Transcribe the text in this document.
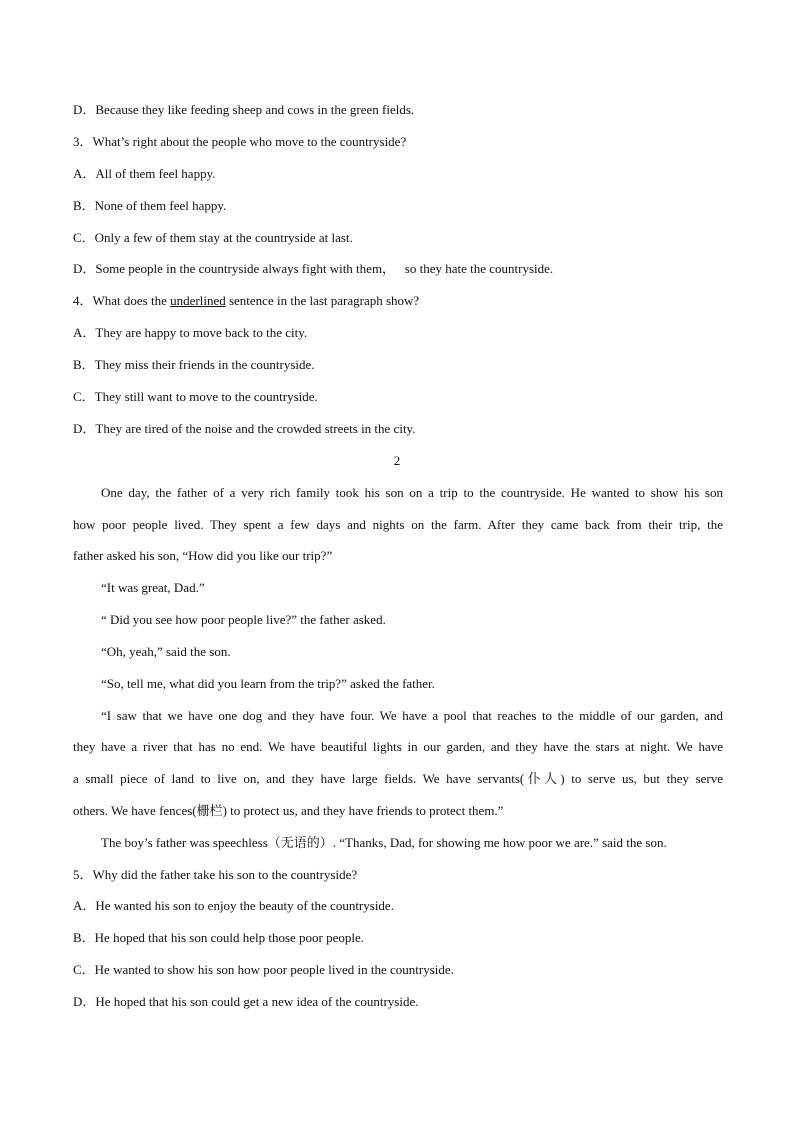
D．Because they like feeding sheep and cows in the green fields.
3．What’s right about the people who move to the countryside?
A．All of them feel happy.
B．None of them feel happy.
C．Only a few of them stay at the countryside at last.
D．Some people in the countryside always fight with them，   so they hate the countryside.
4．What does the underlined sentence in the last paragraph show?
A．They are happy to move back to the city.
B．They miss their friends in the countryside.
C．They still want to move to the countryside.
D．They are tired of the noise and the crowded streets in the city.
2
One day, the father of a very rich family took his son on a trip to the countryside. He wanted to show his son
how poor people lived. They spent a few days and nights on the farm. After they came back from their trip, the
father asked his son, “How did you like our trip?”
“It was great, Dad.”
“ Did you see how poor people live?” the father asked.
“Oh, yeah,” said the son.
“So, tell me, what did you learn from the trip?” asked the father.
“I saw that we have one dog and they have four. We have a pool that reaches to the middle of our garden, and
they have a river that has no end. We have beautiful lights in our garden, and they have the stars at night. We have
a small piece of land to live on, and they have large fields. We have servants(仆人) to serve us, but they serve
others. We have fences(栅栏) to protect us, and they have friends to protect them.”
The boy’s father was speechless（无语的）. “Thanks, Dad, for showing me how poor we are.” said the son.
5．Why did the father take his son to the countryside?
A．He wanted his son to enjoy the beauty of the countryside.
B．He hoped that his son could help those poor people.
C．He wanted to show his son how poor people lived in the countryside.
D．He hoped that his son could get a new idea of the countryside.
